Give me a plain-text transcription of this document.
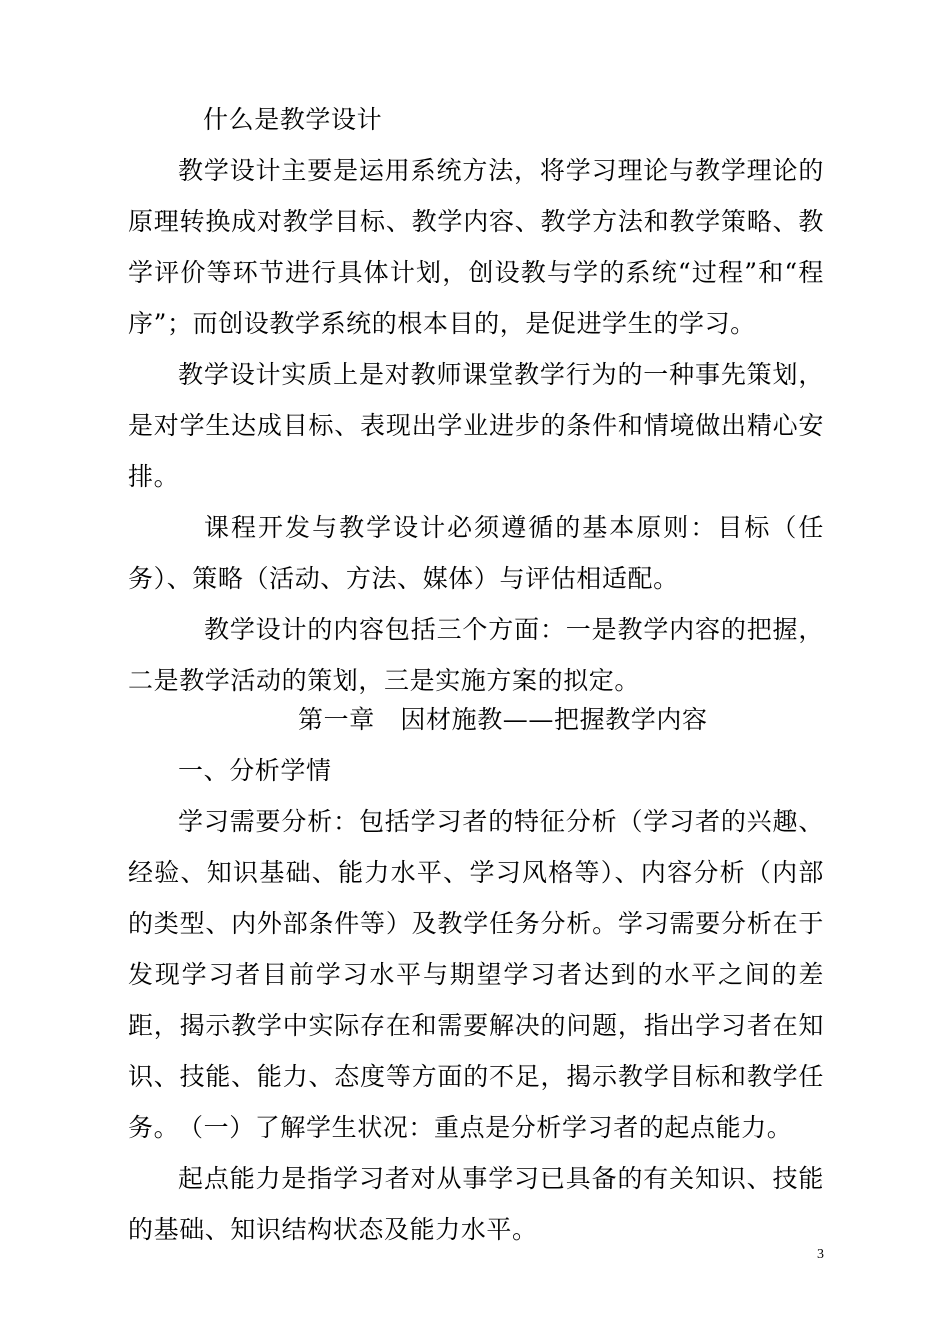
什么是教学设计
教学设计主要是运用系统方法，将学习理论与教学理论的原理转换成对教学目标、教学内容、教学方法和教学策略、教学评价等环节进行具体计划，创设教与学的系统“过程”和“程序”；而创设教学系统的根本目的，是促进学生的学习。
教学设计实质上是对教师课堂教学行为的一种事先策划，是对学生达成目标、表现出学业进步的条件和情境做出精心安排。
课程开发与教学设计必须遵循的基本原则：目标（任务）、策略（活动、方法、媒体）与评估相适配。
教学设计的内容包括三个方面：一是教学内容的把握，二是教学活动的策划，三是实施方案的拟定。
第一章　因材施教——把握教学内容
一、分析学情
学习需要分析：包括学习者的特征分析（学习者的兴趣、经验、知识基础、能力水平、学习风格等）、内容分析（内部的类型、内外部条件等）及教学任务分析。学习需要分析在于发现学习者目前学习水平与期望学习者达到的水平之间的差距，揭示教学中实际存在和需要解决的问题，指出学习者在知识、技能、能力、态度等方面的不足，揭示教学目标和教学任务。
（一）了解学生状况：重点是分析学习者的起点能力。
起点能力是指学习者对从事学习已具备的有关知识、技能的基础、知识结构状态及能力水平。
3
